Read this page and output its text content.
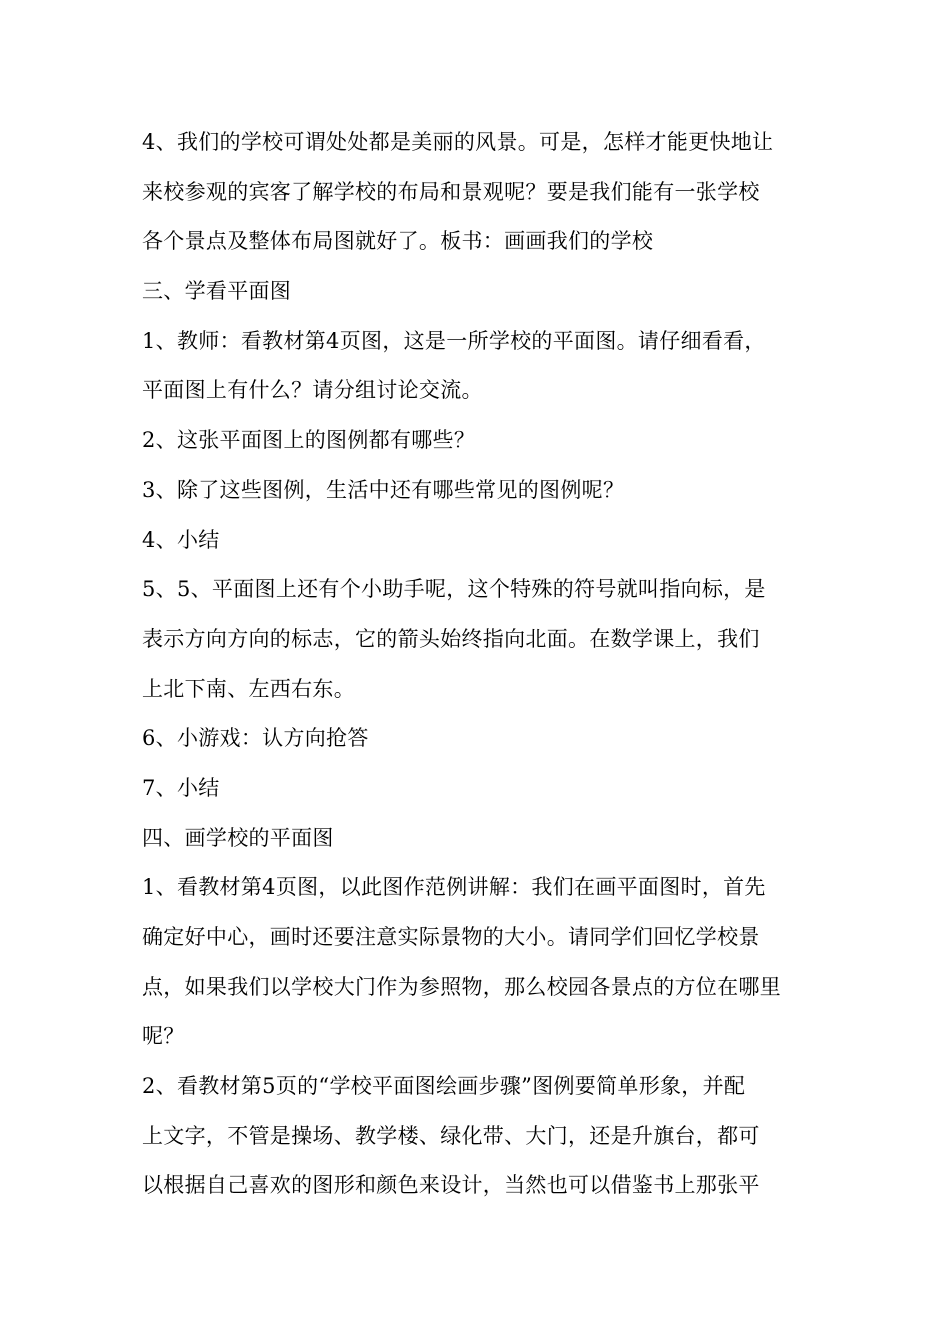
4、我们的学校可谓处处都是美丽的风景。可是，怎样才能更快地让
来校参观的宾客了解学校的布局和景观呢？要是我们能有一张学校
各个景点及整体布局图就好了。板书：画画我们的学校
三、学看平面图
1、教师：看教材第4页图，这是一所学校的平面图。请仔细看看，
平面图上有什么？请分组讨论交流。
2、这张平面图上的图例都有哪些？
3、除了这些图例，生活中还有哪些常见的图例呢？
4、小结
5、5、平面图上还有个小助手呢，这个特殊的符号就叫指向标，是
表示方向方向的标志，它的箭头始终指向北面。在数学课上，我们
上北下南、左西右东。
6、小游戏：认方向抢答
7、小结
四、画学校的平面图
1、看教材第4页图，以此图作范例讲解：我们在画平面图时，首先
确定好中心，画时还要注意实际景物的大小。请同学们回忆学校景
点，如果我们以学校大门作为参照物，那么校园各景点的方位在哪里
呢？
2、看教材第5页的“学校平面图绘画步骤”图例要简单形象，并配
上文字，不管是操场、教学楼、绿化带、大门，还是升旗台，都可
以根据自己喜欢的图形和颜色来设计，当然也可以借鉴书上那张平
